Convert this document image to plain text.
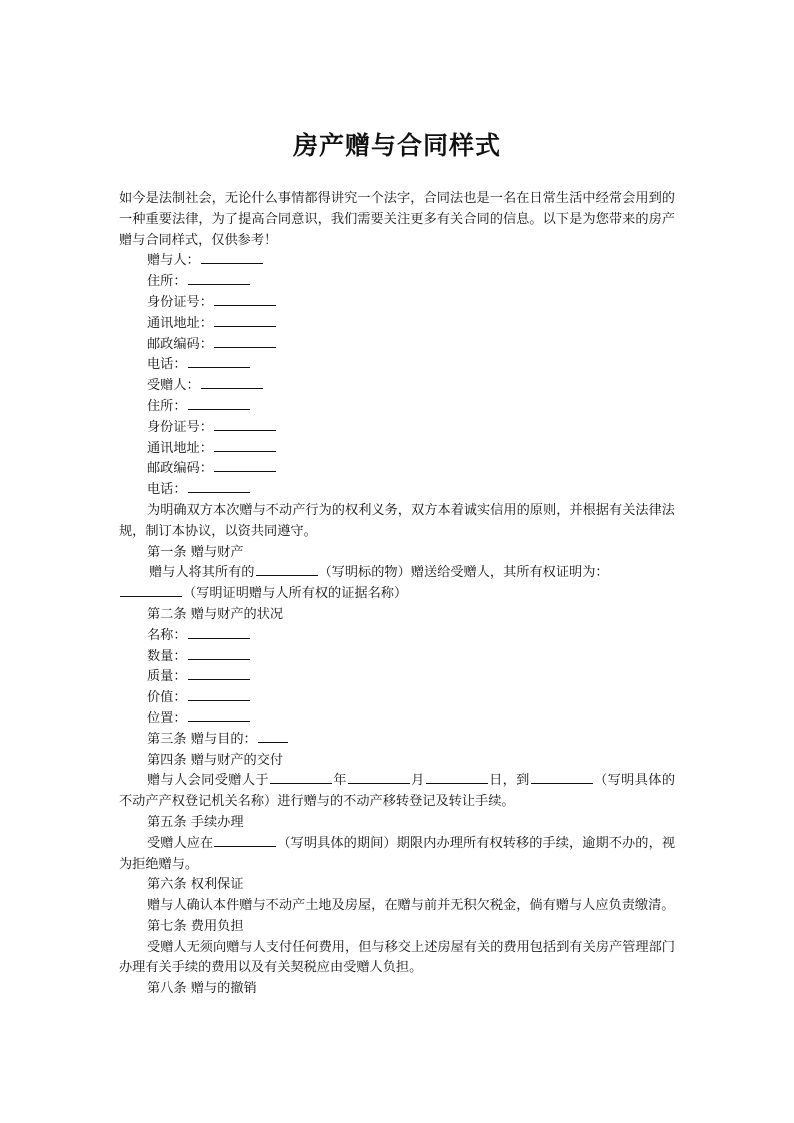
房产赠与合同样式

如今是法制社会，无论什么事情都得讲究一个法字，合同法也是一名在日常生活中经常会用到的一种重要法律，为了提高合同意识，我们需要关注更多有关合同的信息。以下是为您带来的房产赠与合同样式，仅供参考！

赠与人：

住所：

身份证号：

通讯地址：

邮政编码：

电话：

受赠人：

住所：

身份证号：

通讯地址：

邮政编码：

电话：

为明确双方本次赠与不动产行为的权利义务，双方本着诚实信用的原则，并根据有关法律法规，制订本协议，以资共同遵守。

第一条 赠与财产

赠与人将其所有的	（写明标的物）赠送给受赠人，其所有权证明为：

（写明证明赠与人所有权的证据名称）

第二条 赠与财产的状况

名称：

数量：

质量：

价值：

位置：

第三条 赠与目的：

第四条 赠与财产的交付

赠与人会同受赠人于	年	月	日，到	（写明具体的不动产产权登记机关名称）进行赠与的不动产移转登记及转让手续。

第五条 手续办理

受赠人应在	（写明具体的期间）期限内办理所有权转移的手续，逾期不办的，视为拒绝赠与。

第六条 权利保证

赠与人确认本件赠与不动产土地及房屋，在赠与前并无积欠税金，倘有赠与人应负责缴清。

第七条 费用负担

受赠人无须向赠与人支付任何费用，但与移交上述房屋有关的费用包括到有关房产管理部门办理有关手续的费用以及有关契税应由受赠人负担。

第八条 赠与的撤销
